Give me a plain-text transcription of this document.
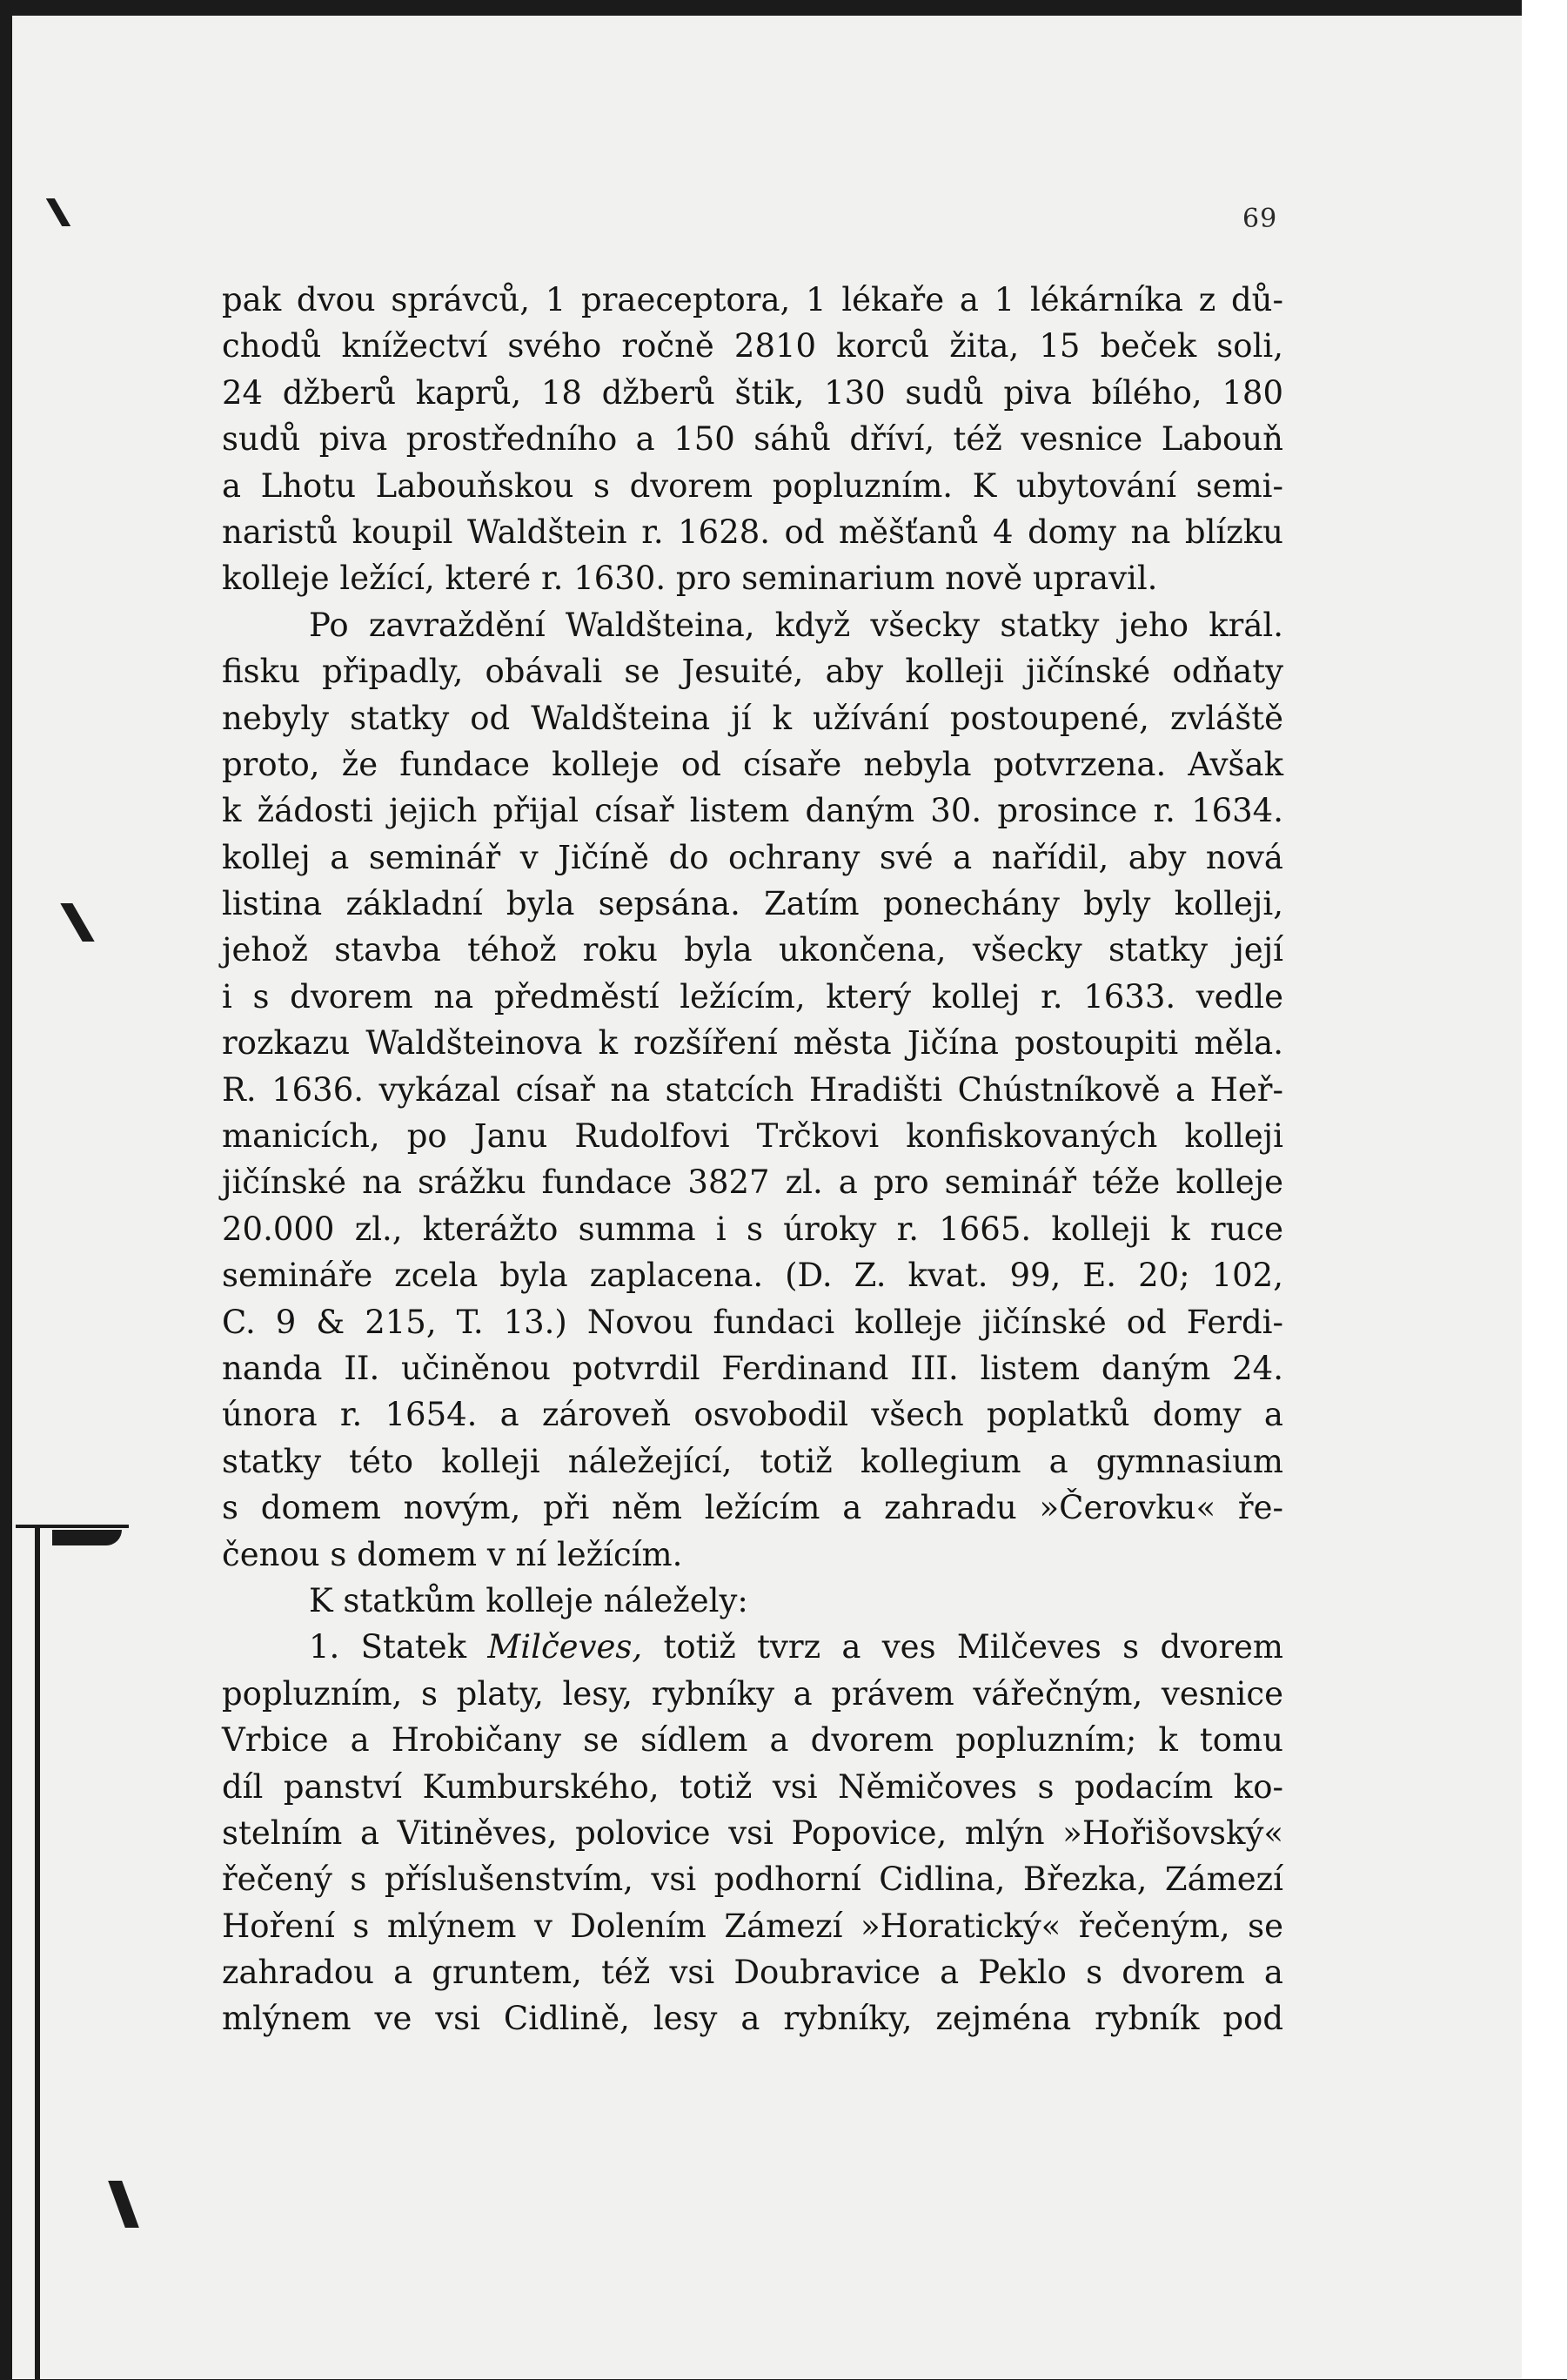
69
pak dvou správců, 1 praeceptora, 1 lékaře a 1 lékárníka z dů-
chodů knížectví svého ročně 2810 korců žita, 15 beček soli,
24 džberů kaprů, 18 džberů štik, 130 sudů piva bílého, 180
sudů piva prostředního a 150 sáhů dříví, též vesnice Labouň
a Lhotu Labouňskou s dvorem popluzním. K ubytování semi-
naristů koupil Waldštein r. 1628. od měšťanů 4 domy na blízku
kolleje ležící, které r. 1630. pro seminarium nově upravil.
Po zavraždění Waldšteina, když všecky statky jeho král.
fisku připadly, obávali se Jesuité, aby kolleji jičínské odňaty
nebyly statky od Waldšteina jí k užívání postoupené, zvláště
proto, že fundace kolleje od císaře nebyla potvrzena. Avšak
k žádosti jejich přijal císař listem daným 30. prosince r. 1634.
kollej a seminář v Jičíně do ochrany své a nařídil, aby nová
listina základní byla sepsána. Zatím ponechány byly kolleji,
jehož stavba téhož roku byla ukončena, všecky statky její
i s dvorem na předměstí ležícím, který kollej r. 1633. vedle
rozkazu Waldšteinova k rozšíření města Jičína postoupiti měla.
R. 1636. vykázal císař na statcích Hradišti Chústníkově a Heř-
manicích, po Janu Rudolfovi Trčkovi konfiskovaných kolleji
jičínské na srážku fundace 3827 zl. a pro seminář téže kolleje
20.000 zl., kterážto summa i s úroky r. 1665. kolleji k ruce
semináře zcela byla zaplacena. (D. Z. kvat. 99, E. 20; 102,
C. 9 & 215, T. 13.) Novou fundaci kolleje jičínské od Ferdi-
nanda II. učiněnou potvrdil Ferdinand III. listem daným 24.
února r. 1654. a zároveň osvobodil všech poplatků domy a
statky této kolleji náležející, totiž kollegium a gymnasium
s domem novým, při něm ležícím a zahradu »Čerovku« ře-
čenou s domem v ní ležícím.
K statkům kolleje náležely:
1. Statek Milčeves, totiž tvrz a ves Milčeves s dvorem
popluzním, s platy, lesy, rybníky a právem vářečným, vesnice
Vrbice a Hrobičany se sídlem a dvorem popluzním; k tomu
díl panství Kumburského, totiž vsi Němičoves s podacím ko-
stelním a Vitiněves, polovice vsi Popovice, mlýn »Hořišovský«
řečený s příslušenstvím, vsi podhorní Cidlina, Březka, Zámezí
Hoření s mlýnem v Dolením Zámezí »Horatický« řečeným, se
zahradou a gruntem, též vsi Doubravice a Peklo s dvorem a
mlýnem ve vsi Cidlině, lesy a rybníky, zejména rybník pod
